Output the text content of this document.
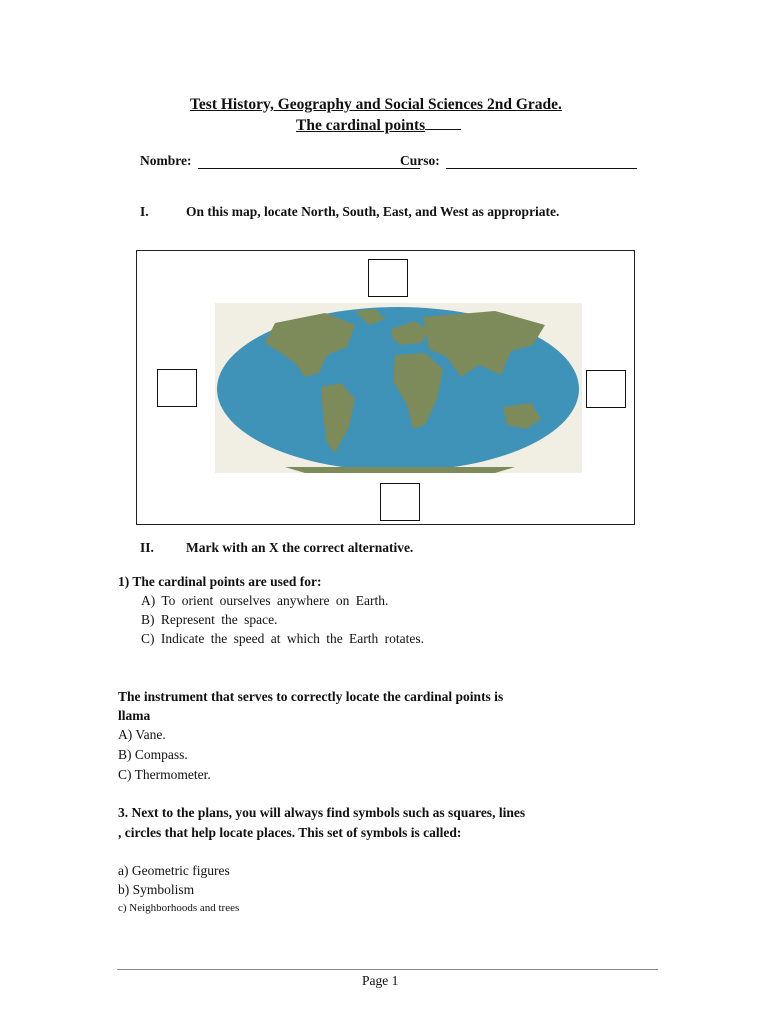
Test History, Geography and Social Sciences 2nd Grade.
The cardinal points
Nombre:	Curso:
I.	On this map, locate North, South, East, and West as appropriate.
II. Mark with an X the correct alternative.
1) The cardinal points are used for:
A) To orient ourselves anywhere on Earth.
B) Represent the space.
C) Indicate the speed at which the Earth rotates.
The instrument that serves to correctly locate the cardinal points is
llama
A) Vane.
B) Compass.
C) Thermometer.
3. Next to the plans, you will always find symbols such as squares, lines
, circles that help locate places. This set of symbols is called:
a) Geometric figures
b) Symbolism
c) Neighborhoods and trees
Page 1
